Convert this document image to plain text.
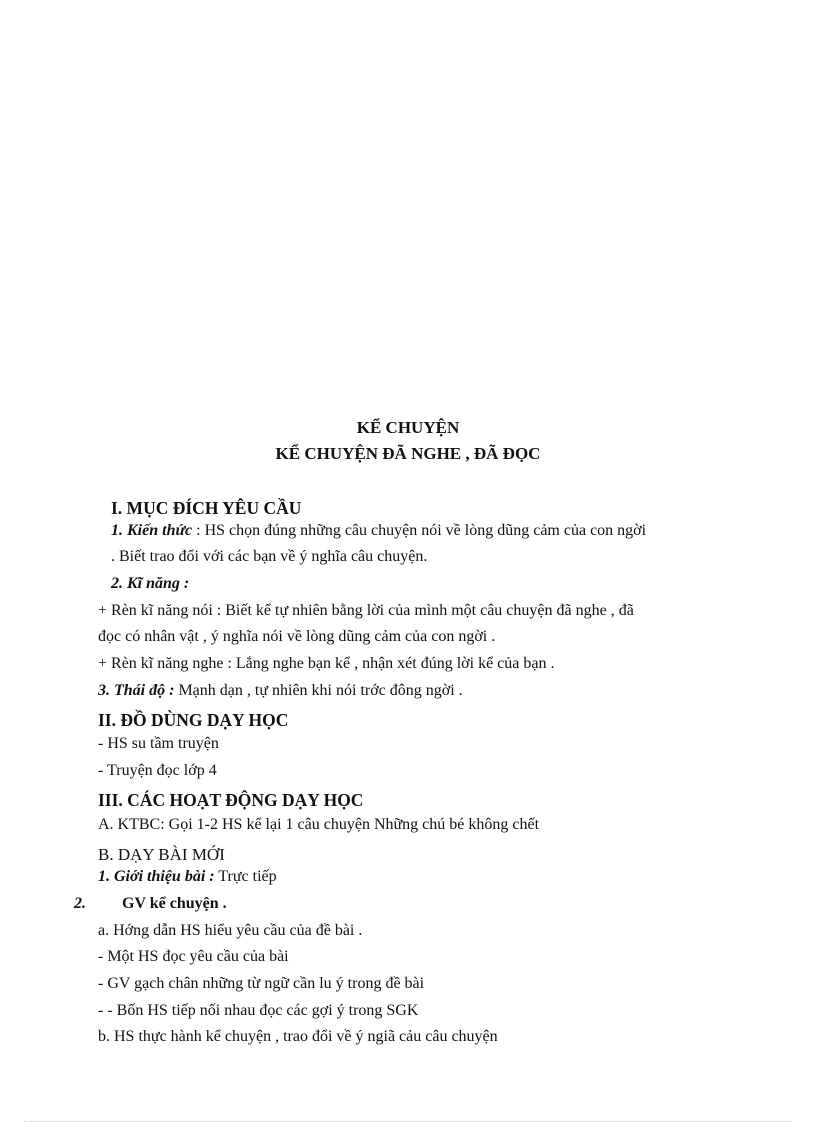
KỂ CHUYỆN
KỂ CHUYỆN ĐÃ NGHE , ĐÃ ĐỌC
I. MỤC ĐÍCH YÊU CẦU
1. Kiến thức : HS chọn đúng những câu chuyện nói về lòng dũng cảm của con ngời
. Biết trao đổi với các bạn về ý nghĩa câu chuyện.
2. Kĩ năng :
+ Rèn kĩ năng nói : Biết kể tự nhiên bằng lời của mình một câu chuyện đã nghe , đã
đọc có nhân vật , ý nghĩa nói về lòng dũng cảm của con ngời .
+ Rèn kĩ năng nghe : Lắng nghe bạn kể , nhận xét đúng lời kể của bạn .
3. Thái độ : Mạnh dạn , tự nhiên khi nói trớc đông ngời .
II. ĐỒ DÙNG DẠY HỌC
- HS su tầm truyện
- Truyện đọc lớp 4
III. CÁC HOẠT ĐỘNG DẠY HỌC
A. KTBC: Gọi 1-2 HS kể lại 1 câu chuyện Những chú bé không chết
B. DẠY BÀI MỚI
1. Giới thiệu bài : Trực tiếp
2. GV kể chuyện .
a. Hớng dẫn HS hiểu yêu cầu của đề bài .
- Một HS đọc yêu cầu của bài
- GV gạch chân những từ ngữ cần lu ý trong đề bài
- - Bốn HS tiếp nối nhau đọc các gợi ý trong SGK
b. HS thực hành kể chuyện , trao đổi về ý ngiã cảu câu chuyện
